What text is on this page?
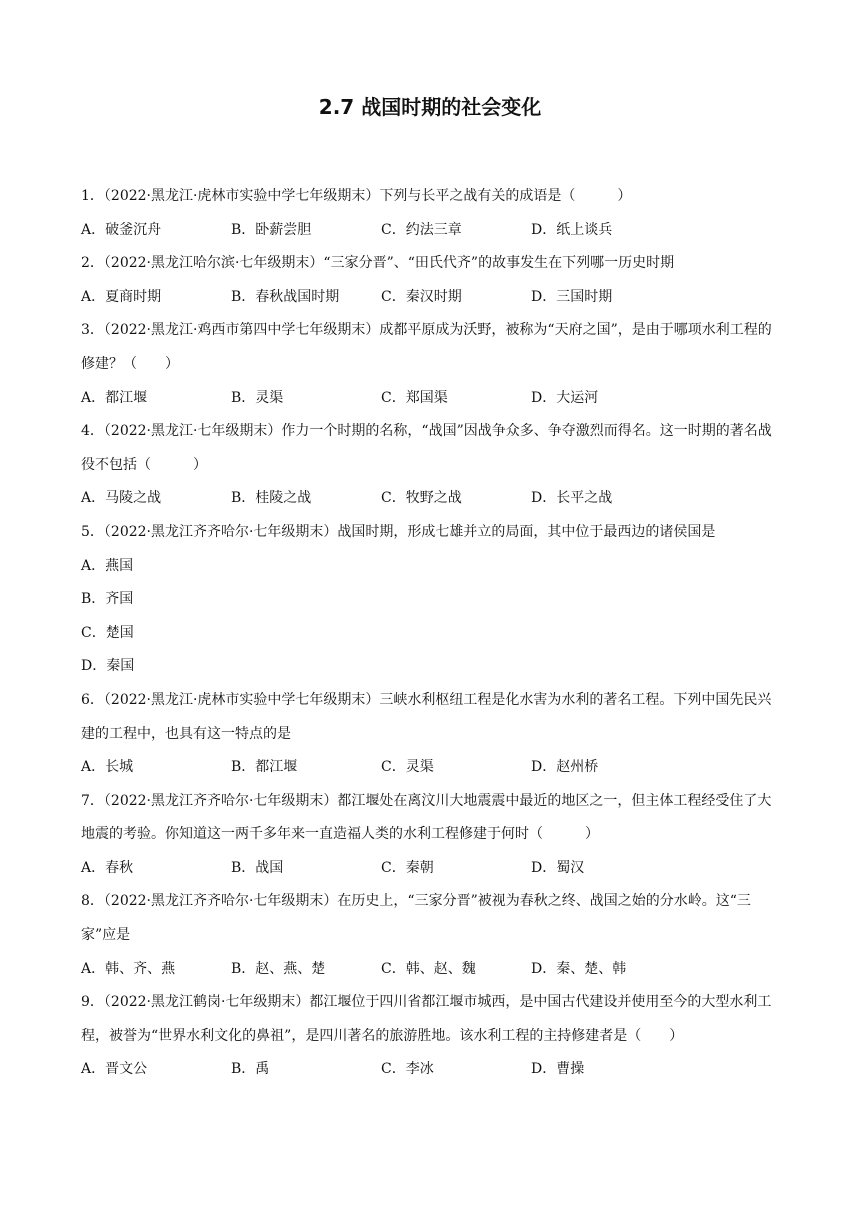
2.7 战国时期的社会变化

1．（2022·黑龙江·虎林市实验中学七年级期末）下列与长平之战有关的成语是（　　　）

A．破釜沉舟	B．卧薪尝胆	C．约法三章	D．纸上谈兵

2．（2022·黑龙江哈尔滨·七年级期末）“三家分晋”、“田氏代齐”的故事发生在下列哪一历史时期

A．夏商时期	B．春秋战国时期	C．秦汉时期	D．三国时期

3．（2022·黑龙江·鸡西市第四中学七年级期末）成都平原成为沃野，被称为“天府之国”，是由于哪项水利工程的修建？（　　）

A．都江堰	B．灵渠	C．郑国渠	D．大运河

4．（2022·黑龙江·七年级期末）作力一个时期的名称，“战国”因战争众多、争夺激烈而得名。这一时期的著名战役不包括（　　　）

A．马陵之战	B．桂陵之战	C．牧野之战	D．长平之战

5．（2022·黑龙江齐齐哈尔·七年级期末）战国时期，形成七雄并立的局面，其中位于最西边的诸侯国是

A．燕国
B．齐国
C．楚国
D．秦国

6．（2022·黑龙江·虎林市实验中学七年级期末）三峡水利枢纽工程是化水害为水利的著名工程。下列中国先民兴建的工程中，也具有这一特点的是

A．长城	B．都江堰	C．灵渠	D．赵州桥

7．（2022·黑龙江齐齐哈尔·七年级期末）都江堰处在离汶川大地震震中最近的地区之一，但主体工程经受住了大地震的考验。你知道这一两千多年来一直造福人类的水利工程修建于何时（　　　）

A．春秋	B．战国	C．秦朝	D．蜀汉

8．（2022·黑龙江齐齐哈尔·七年级期末）在历史上，“三家分晋”被视为春秋之终、战国之始的分水岭。这“三家”应是

A．韩、齐、燕	B．赵、燕、楚	C．韩、赵、魏	D．秦、楚、韩

9．（2022·黑龙江鹤岗·七年级期末）都江堰位于四川省都江堰市城西，是中国古代建设并使用至今的大型水利工程，被誉为“世界水利文化的鼻祖”，是四川著名的旅游胜地。该水利工程的主持修建者是（　　）

A．晋文公	B．禹	C．李冰	D．曹操
